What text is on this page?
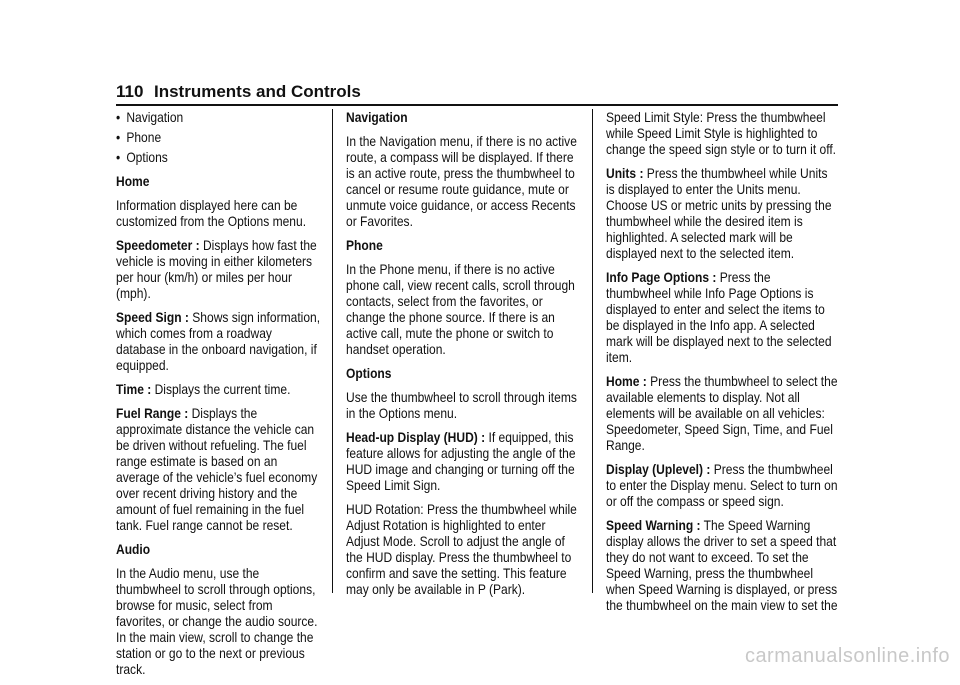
110 Instruments and Controls
• Navigation
• Phone
• Options
Home

Information displayed here can be customized from the Options menu.

Speedometer : Displays how fast the vehicle is moving in either kilometers per hour (km/h) or miles per hour (mph).

Speed Sign : Shows sign information, which comes from a roadway database in the onboard navigation, if equipped.

Time : Displays the current time.

Fuel Range : Displays the approximate distance the vehicle can be driven without refueling. The fuel range estimate is based on an average of the vehicle’s fuel economy over recent driving history and the amount of fuel remaining in the fuel tank. Fuel range cannot be reset.

Audio

In the Audio menu, use the thumbwheel to scroll through options, browse for music, select from favorites, or change the audio source. In the main view, scroll to change the station or go to the next or previous track.

Navigation

In the Navigation menu, if there is no active route, a compass will be displayed. If there is an active route, press the thumbwheel to cancel or resume route guidance, mute or unmute voice guidance, or access Recents or Favorites.

Phone

In the Phone menu, if there is no active phone call, view recent calls, scroll through contacts, select from the favorites, or change the phone source. If there is an active call, mute the phone or switch to handset operation.

Options

Use the thumbwheel to scroll through items in the Options menu.

Head-up Display (HUD) : If equipped, this feature allows for adjusting the angle of the HUD image and changing or turning off the Speed Limit Sign.

HUD Rotation: Press the thumbwheel while Adjust Rotation is highlighted to enter Adjust Mode. Scroll to adjust the angle of the HUD display. Press the thumbwheel to confirm and save the setting. This feature may only be available in P (Park).

Speed Limit Style: Press the thumbwheel while Speed Limit Style is highlighted to change the speed sign style or to turn it off.

Units : Press the thumbwheel while Units is displayed to enter the Units menu. Choose US or metric units by pressing the thumbwheel while the desired item is highlighted. A selected mark will be displayed next to the selected item.

Info Page Options : Press the thumbwheel while Info Page Options is displayed to enter and select the items to be displayed in the Info app. A selected mark will be displayed next to the selected item.

Home : Press the thumbwheel to select the available elements to display. Not all elements will be available on all vehicles: Speedometer, Speed Sign, Time, and Fuel Range.

Display (Uplevel) : Press the thumbwheel to enter the Display menu. Select to turn on or off the compass or speed sign.

Speed Warning : The Speed Warning display allows the driver to set a speed that they do not want to exceed. To set the Speed Warning, press the thumbwheel when Speed Warning is displayed, or press the thumbwheel on the main view to set the

carmanualsonline.info
